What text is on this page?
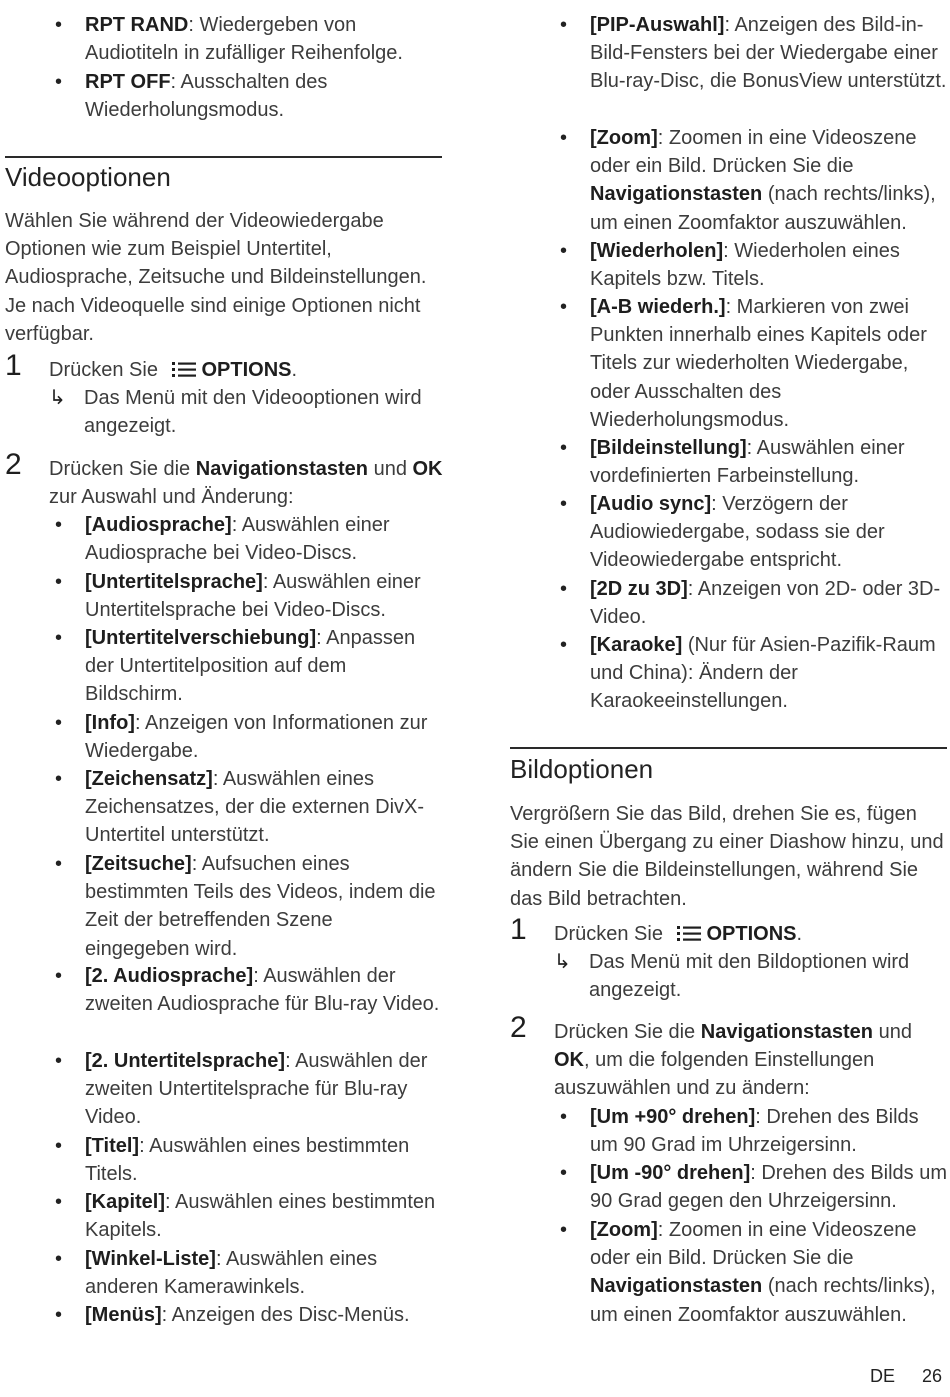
• RPT RAND: Wiedergeben von Audiotiteln in zufälliger Reihenfolge.
• RPT OFF: Ausschalten des Wiederholungsmodus.
Videooptionen
Wählen Sie während der Videowiedergabe Optionen wie zum Beispiel Untertitel, Audiosprache, Zeitsuche und Bildeinstellungen. Je nach Videoquelle sind einige Optionen nicht verfügbar.
1 Drücken Sie OPTIONS.
↳ Das Menü mit den Videooptionen wird angezeigt.
2 Drücken Sie die Navigationstasten und OK zur Auswahl und Änderung:
• [Audiosprache]: Auswählen einer Audiosprache bei Video-Discs.
• [Untertitelsprache]: Auswählen einer Untertitelsprache bei Video-Discs.
• [Untertitelverschiebung]: Anpassen der Untertitelposition auf dem Bildschirm.
• [Info]: Anzeigen von Informationen zur Wiedergabe.
• [Zeichensatz]: Auswählen eines Zeichensatzes, der die externen DivX-Untertitel unterstützt.
• [Zeitsuche]: Aufsuchen eines bestimmten Teils des Videos, indem die Zeit der betreffenden Szene eingegeben wird.
• [2. Audiosprache]: Auswählen der zweiten Audiosprache für Blu-ray Video.
• [2. Untertitelsprache]: Auswählen der zweiten Untertitelsprache für Blu-ray Video.
• [Titel]: Auswählen eines bestimmten Titels.
• [Kapitel]: Auswählen eines bestimmten Kapitels.
• [Winkel-Liste]: Auswählen eines anderen Kamerawinkels.
• [Menüs]: Anzeigen des Disc-Menüs.
• [PIP-Auswahl]: Anzeigen des Bild-in-Bild-Fensters bei der Wiedergabe einer Blu-ray-Disc, die BonusView unterstützt.
• [Zoom]: Zoomen in eine Videoszene oder ein Bild. Drücken Sie die Navigationstasten (nach rechts/links), um einen Zoomfaktor auszuwählen.
• [Wiederholen]: Wiederholen eines Kapitels bzw. Titels.
• [A-B wiederh.]: Markieren von zwei Punkten innerhalb eines Kapitels oder Titels zur wiederholten Wiedergabe, oder Ausschalten des Wiederholungsmodus.
• [Bildeinstellung]: Auswählen einer vordefinierten Farbeinstellung.
• [Audio sync]: Verzögern der Audiowiedergabe, sodass sie der Videowiedergabe entspricht.
• [2D zu 3D]: Anzeigen von 2D- oder 3D-Video.
• [Karaoke] (Nur für Asien-Pazifik-Raum und China): Ändern der Karaokeeinstellungen.
Bildoptionen
Vergrößern Sie das Bild, drehen Sie es, fügen Sie einen Übergang zu einer Diashow hinzu, und ändern Sie die Bildeinstellungen, während Sie das Bild betrachten.
1 Drücken Sie OPTIONS.
↳ Das Menü mit den Bildoptionen wird angezeigt.
2 Drücken Sie die Navigationstasten und OK, um die folgenden Einstellungen auszuwählen und zu ändern:
• [Um +90° drehen]: Drehen des Bilds um 90 Grad im Uhrzeigersinn.
• [Um -90° drehen]: Drehen des Bilds um 90 Grad gegen den Uhrzeigersinn.
• [Zoom]: Zoomen in eine Videoszene oder ein Bild. Drücken Sie die Navigationstasten (nach rechts/links), um einen Zoomfaktor auszuwählen.
DE 26
